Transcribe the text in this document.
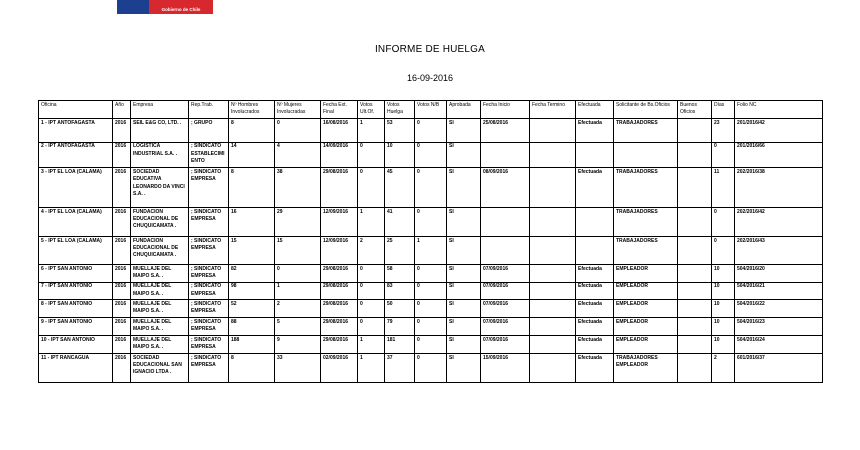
Gobierno de Chile
INFORME DE HUELGA
16-09-2016
Oficina	Año	Empresa	Rep.Trab.	Nº Hombres Involucrados	Nº Mujeres Involucradas	Fecha Ext. Final	Votos Ult.Of.	Votos Huelga	Votos N/B	Aprobada	Fecha Inicio	Fecha Termino	Efectuada	Solicitante de Bs.Oficios	Buenos Oficios	Días	Folio NC
1 - IPT ANTOFAGASTA	2016	SEIL E&G CO, LTD. .	; GRUPO	8	0	16/08/2016	1	53	0	SI	25/08/2016		Efectuada	TRABAJADORES		23	201/2016/42
2 - IPT ANTOFAGASTA	2016	LOGISTICA INDUSTRIAL S.A. .	; SINDICATO ESTABLECIMIENTO	14	4	14/09/2016	0	10	0	SI						0	201/2016/66
3 - IPT EL LOA (CALAMA)	2016	SOCIEDAD EDUCATIVA LEONARDO DA VINCI S.A. .	; SINDICATO EMPRESA	8	38	29/08/2016	0	45	0	SI	08/09/2016		Efectuada	TRABAJADORES		11	202/2016/38
4 - IPT EL LOA (CALAMA)	2016	FUNDACION EDUCACIONAL DE CHUQUICAMATA .	; SINDICATO EMPRESA	16	29	12/09/2016	1	41	0	SI				TRABAJADORES		0	202/2016/42
5 - IPT EL LOA (CALAMA)	2016	FUNDACION EDUCACIONAL DE CHUQUICAMATA .	; SINDICATO EMPRESA	15	15	12/09/2016	2	25	1	SI				TRABAJADORES		0	202/2016/43
6 - IPT SAN ANTONIO	2016	MUELLAJE DEL MAIPO S.A. .	; SINDICATO EMPRESA	82	0	29/08/2016	0	58	0	SI	07/09/2016		Efectuada	EMPLEADOR		10	504/2016/20
7 - IPT SAN ANTONIO	2016	MUELLAJE DEL MAIPO S.A. .	; SINDICATO EMPRESA	98	1	29/08/2016	0	83	0	SI	07/09/2016		Efectuada	EMPLEADOR		10	504/2016/21
8 - IPT SAN ANTONIO	2016	MUELLAJE DEL MAIPO S.A. .	; SINDICATO EMPRESA	52	2	29/08/2016	0	50	0	SI	07/09/2016		Efectuada	EMPLEADOR		10	504/2016/22
9 - IPT SAN ANTONIO	2016	MUELLAJE DEL MAIPO S.A. .	; SINDICATO EMPRESA	88	5	29/08/2016	0	79	0	SI	07/09/2016		Efectuada	EMPLEADOR		10	504/2016/23
10 - IPT SAN ANTONIO	2016	MUELLAJE DEL MAIPO S.A. .	; SINDICATO EMPRESA	188	9	29/08/2016	1	181	0	SI	07/09/2016		Efectuada	EMPLEADOR		10	504/2016/24
11 - IPT RANCAGUA	2016	SOCIEDAD EDUCACIONAL SAN IGNACIO LTDA .	; SINDICATO EMPRESA	8	33	02/09/2016	1	37	0	SI	15/09/2016		Efectuada	TRABAJADORES EMPLEADOR		2	601/2016/37
